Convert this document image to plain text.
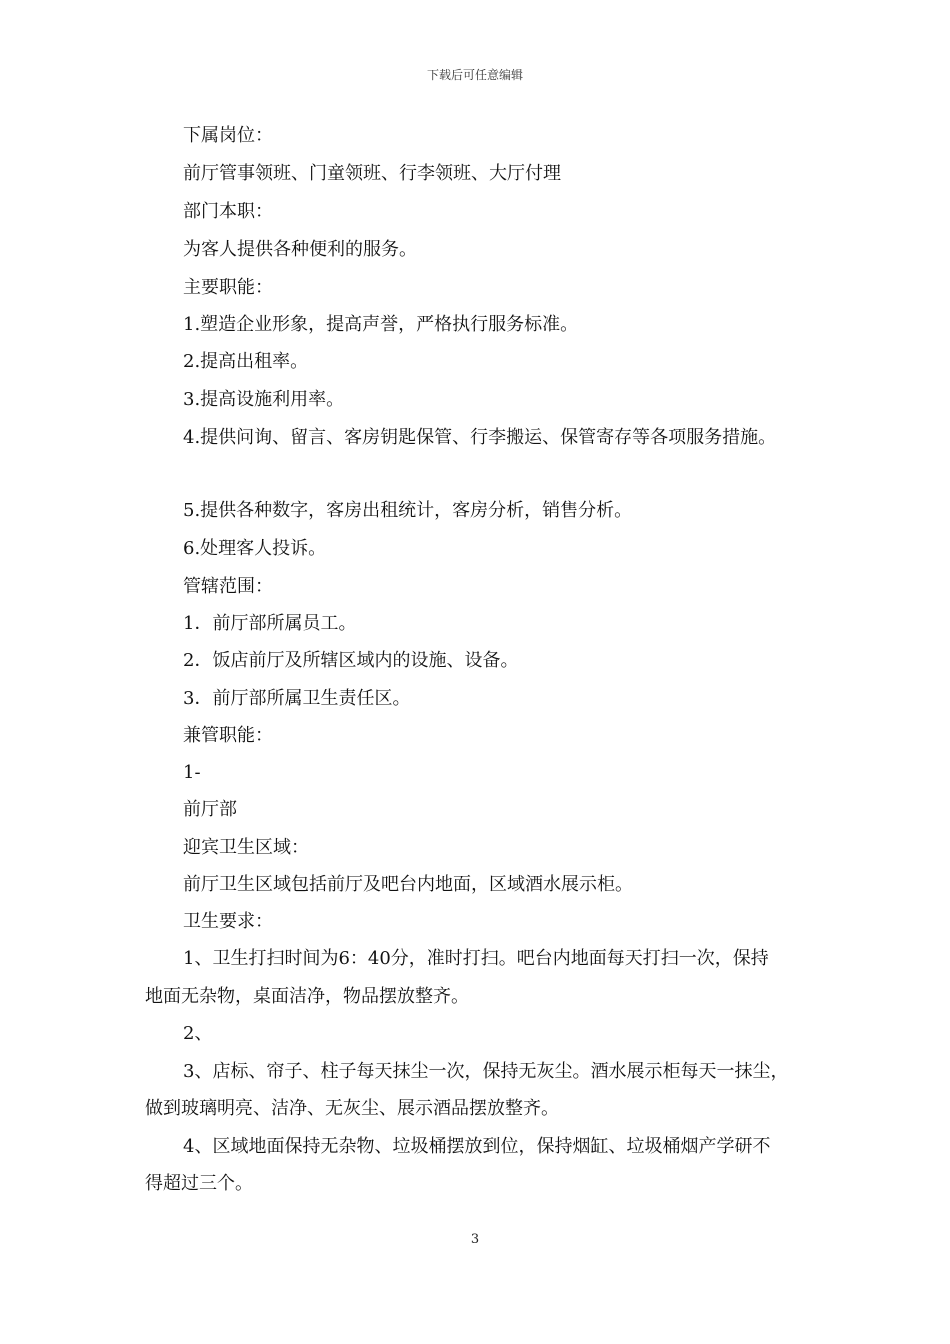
下载后可任意编辑
下属岗位：
前厅管事领班、门童领班、行李领班、大厅付理
部门本职：
为客人提供各种便利的服务。
主要职能：
1.塑造企业形象，提高声誉，严格执行服务标准。
2.提高出租率。
3.提高设施利用率。
4.提供问询、留言、客房钥匙保管、行李搬运、保管寄存等各项服务措施。
5.提供各种数字，客房出租统计，客房分析，销售分析。
6.处理客人投诉。
管辖范围：
1．前厅部所属员工。
2．饭店前厅及所辖区域内的设施、设备。
3．前厅部所属卫生责任区。
兼管职能：
1-
前厅部
迎宾卫生区域：
前厅卫生区域包括前厅及吧台内地面，区域酒水展示柜。
卫生要求：
1、卫生打扫时间为6：40分，准时打扫。吧台内地面每天打扫一次，保持
地面无杂物，桌面洁净，物品摆放整齐。
2、
3、店标、帘子、柱子每天抹尘一次，保持无灰尘。酒水展示柜每天一抹尘，
做到玻璃明亮、洁净、无灰尘、展示酒品摆放整齐。
4、区域地面保持无杂物、垃圾桶摆放到位，保持烟缸、垃圾桶烟产学研不
得超过三个。
3
